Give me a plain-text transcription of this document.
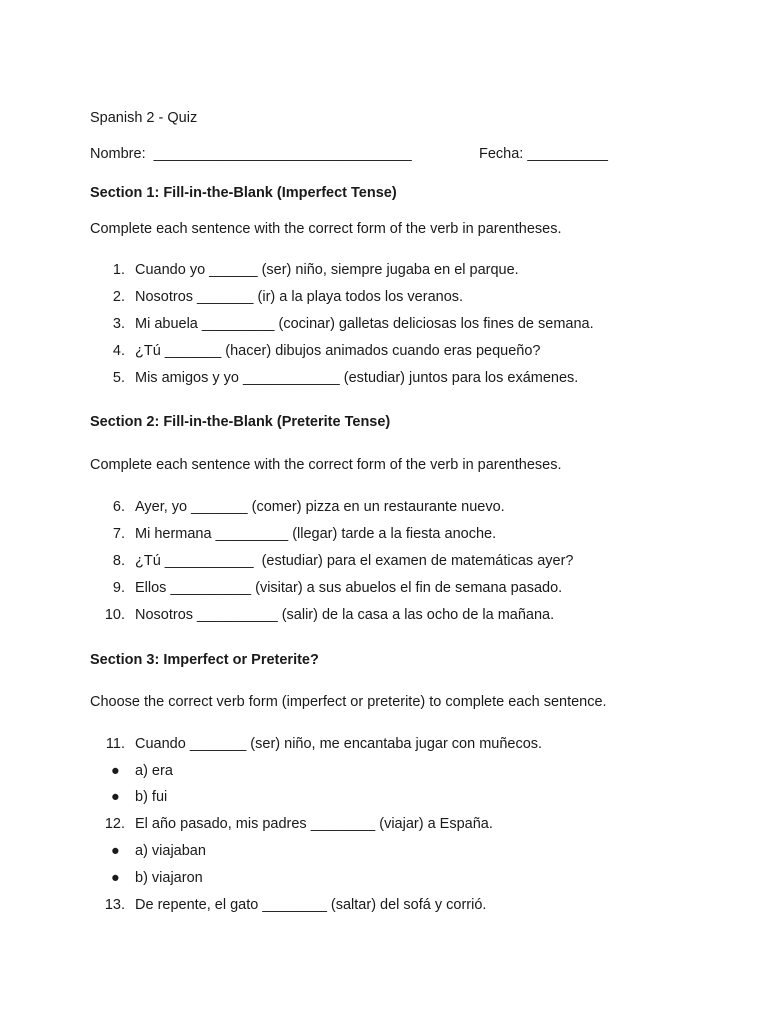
Spanish 2 - Quiz
Nombre:  ________________________________	Fecha: __________
Section 1: Fill-in-the-Blank (Imperfect Tense)
Complete each sentence with the correct form of the verb in parentheses.
1. Cuando yo ______ (ser) niño, siempre jugaba en el parque.
2. Nosotros _______ (ir) a la playa todos los veranos.
3. Mi abuela _________ (cocinar) galletas deliciosas los fines de semana.
4. ¿Tú _______ (hacer) dibujos animados cuando eras pequeño?
5. Mis amigos y yo ____________ (estudiar) juntos para los exámenes.
Section 2: Fill-in-the-Blank (Preterite Tense)
Complete each sentence with the correct form of the verb in parentheses.
6. Ayer, yo _______ (comer) pizza en un restaurante nuevo.
7. Mi hermana _________ (llegar) tarde a la fiesta anoche.
8. ¿Tú ___________  (estudiar) para el examen de matemáticas ayer?
9. Ellos __________ (visitar) a sus abuelos el fin de semana pasado.
10. Nosotros __________ (salir) de la casa a las ocho de la mañana.
Section 3: Imperfect or Preterite?
Choose the correct verb form (imperfect or preterite) to complete each sentence.
11. Cuando _______ (ser) niño, me encantaba jugar con muñecos.
● a) era
● b) fui
12. El año pasado, mis padres ________ (viajar) a España.
● a) viajaban
● b) viajaron
13. De repente, el gato ________ (saltar) del sofá y corrió.
